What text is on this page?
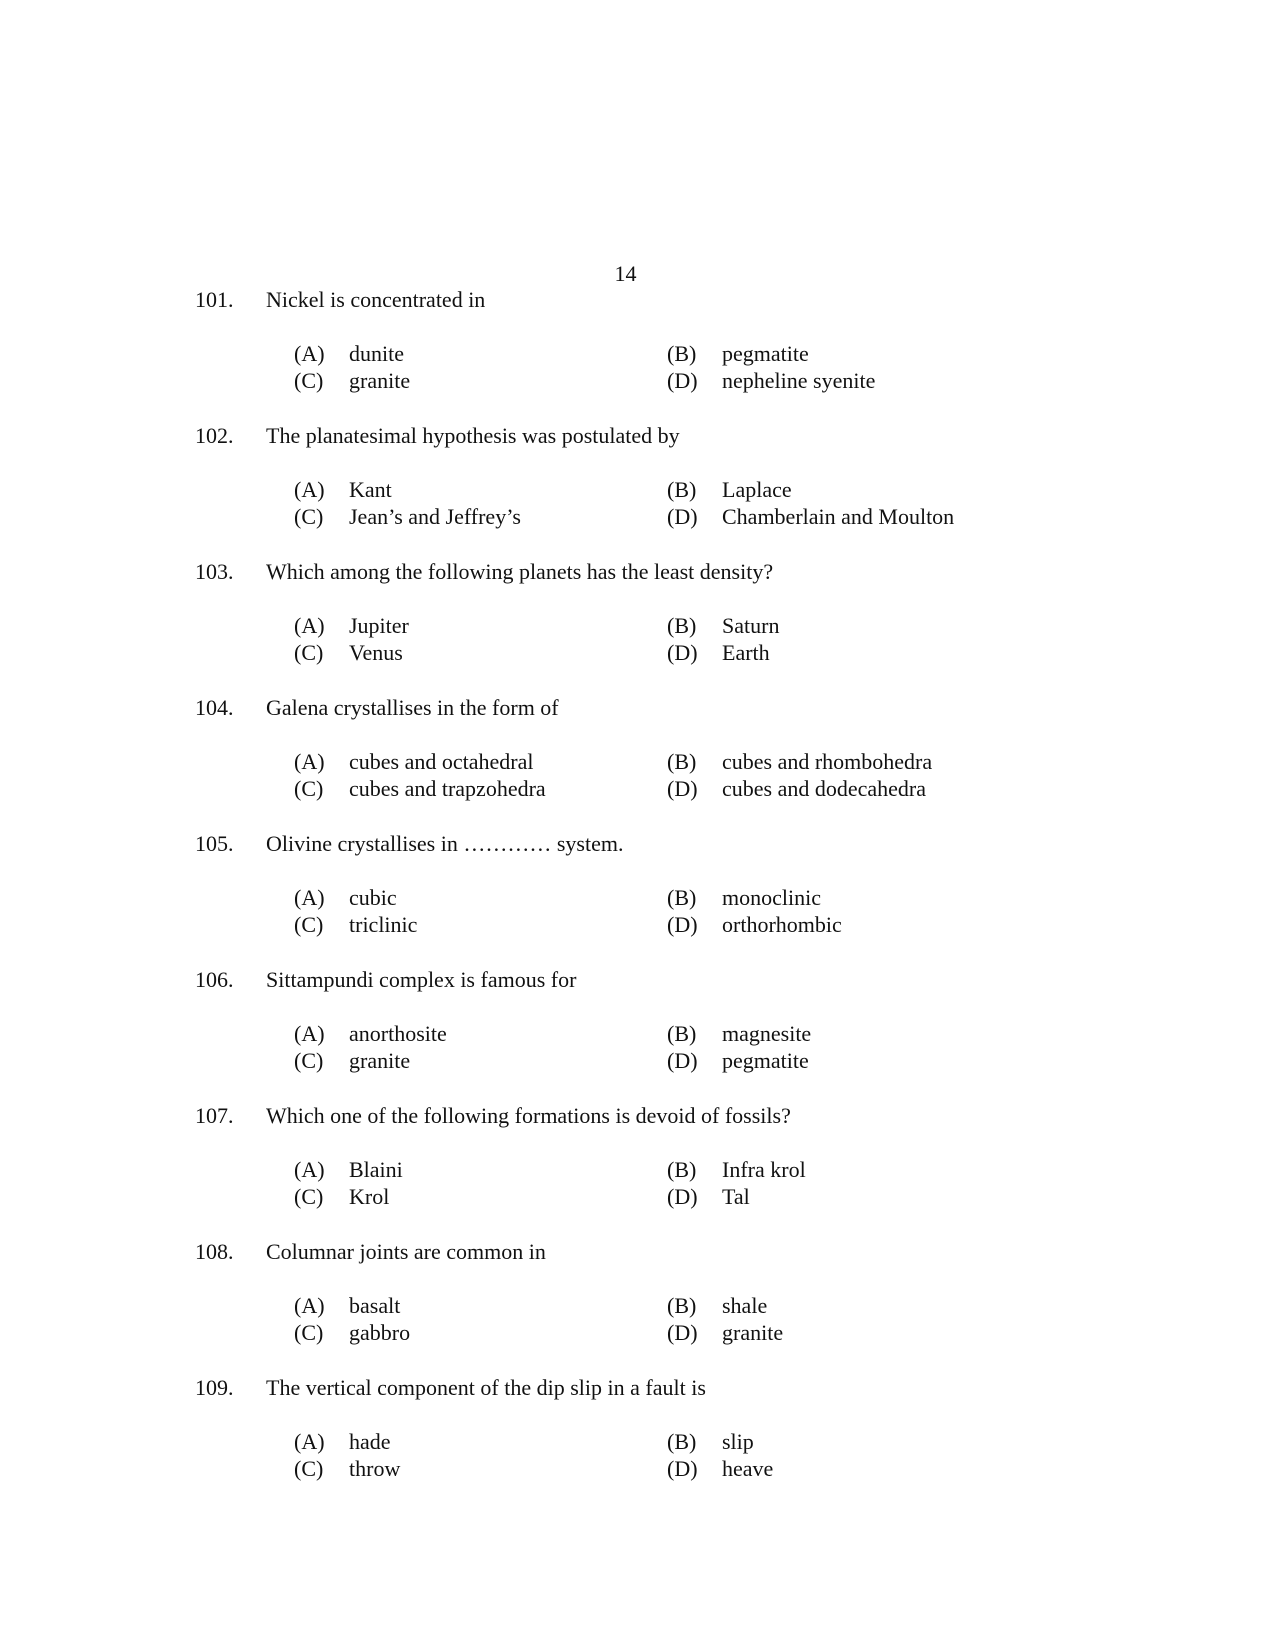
14
101. Nickel is concentrated in
(A) dunite	(B) pegmatite
(C) granite	(D) nepheline syenite
102. The planatesimal hypothesis was postulated by
(A) Kant	(B) Laplace
(C) Jean’s and Jeffrey’s	(D) Chamberlain and Moulton
103. Which among the following planets has the least density?
(A) Jupiter	(B) Saturn
(C) Venus	(D) Earth
104. Galena crystallises in the form of
(A) cubes and octahedral	(B) cubes and rhombohedra
(C) cubes and trapzohedra	(D) cubes and dodecahedra
105. Olivine crystallises in ………… system.
(A) cubic	(B) monoclinic
(C) triclinic	(D) orthorhombic
106. Sittampundi complex is famous for
(A) anorthosite	(B) magnesite
(C) granite	(D) pegmatite
107. Which one of the following formations is devoid of fossils?
(A) Blaini	(B) Infra krol
(C) Krol	(D) Tal
108. Columnar joints are common in
(A) basalt	(B) shale
(C) gabbro	(D) granite
109. The vertical component of the dip slip in a fault is
(A) hade	(B) slip
(C) throw	(D) heave
